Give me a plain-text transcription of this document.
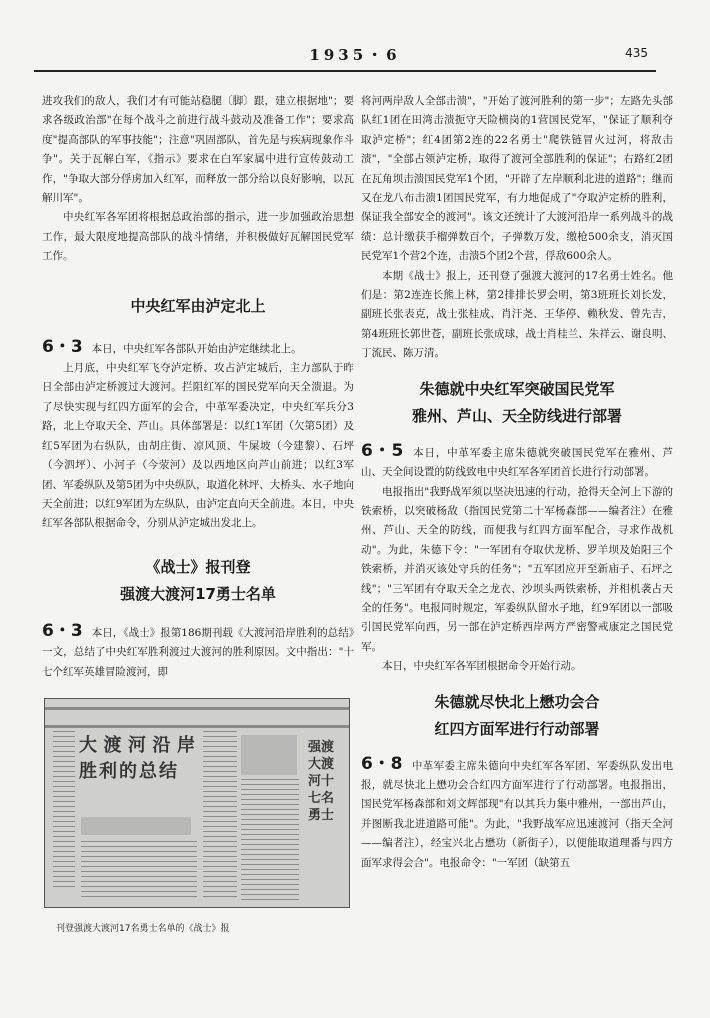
1935・6	435

进攻我们的敌人，我们才有可能站稳腿〔脚〕跟，建立根据地"；要求各级政治部"在每个战斗之前进行战斗鼓动及准备工作"；要求高度"提高部队的军事技能"；注意"巩固部队，首先是与疾病现象作斗争"。关于瓦解白军，《指示》要求在白军家属中进行宣传鼓动工作，"争取大部分俘虏加入红军，而释放一部分给以良好影响，以瓦解川军"。

中央红军各军团将根据总政治部的指示，进一步加强政治思想工作，最大限度地提高部队的战斗情绪，并积极做好瓦解国民党军工作。

中央红军由泸定北上

6・3 本日，中央红军各部队开始由泸定继续北上。

上月底，中央红军飞夺泸定桥、攻占泸定城后，主力部队于昨日全部由泸定桥渡过大渡河。拦阻红军的国民党军向天全溃退。为了尽快实现与红四方面军的会合，中革军委决定，中央红军兵分3路，北上夺取天全、芦山。具体部署是：以红1军团（欠第5团）及红5军团为右纵队，由胡庄街、凉风顶、牛屎坡（今建黎）、石坪（今泗坪）、小河子（今荥河）及以西地区向芦山前进；以红3军团、军委纵队及第5团为中央纵队，取道化林坪、大桥头、水子地向天全前进；以红9军团为左纵队，由泸定直向天全前进。本日，中央红军各部队根据命令，分别从泸定城出发北上。

《战士》报刊登
强渡大渡河17勇士名单

6・3 本日，《战士》报第186期刊载《大渡河沿岸胜利的总结》一文，总结了中央红军胜利渡过大渡河的胜利原因。文中指出："十七个红军英雄冒险渡河，即

大渡河沿岸胜利的总结
强渡大渡河十七名勇士
刊登强渡大渡河17名勇士名单的《战士》报

将河两岸敌人全部击溃"，"开始了渡河胜利的第一步"；左路先头部队红1团在田湾击溃扼守天险横岗的1营国民党军，"保证了顺利夺取泸定桥"；红4团第2连的22名勇士"爬铁链冒火过河，将敌击溃"，"全部占领泸定桥，取得了渡河全部胜利的保证"；右路红2团在瓦角坝击溃国民党军1个团，"开辟了左岸顺利北进的道路"；继而又在龙八布击溃1团国民党军，有力地促成了"夺取泸定桥的胜利，保证我全部安全的渡河"。该文还统计了大渡河沿岸一系列战斗的战绩：总计缴获手榴弹数百个，子弹数万发，缴枪500余支，消灭国民党军1个营2个连，击溃5个团2个营，俘敌600余人。

本期《战士》报上，还刊登了强渡大渡河的17名勇士姓名。他们是：第2连连长熊上林，第2排排长罗会明，第3班班长刘长发，副班长张表克，战士张桂成、肖汗尧、王华停、赖秋发、曾先吉，第4班班长郭世苍，副班长张成球，战士肖桂兰、朱祥云、谢良明、丁流民、陈万清。

朱德就中央红军突破国民党军
雅州、芦山、天全防线进行部署

6・5 本日，中革军委主席朱德就突破国民党军在雅州、芦山、天全间设置的防线致电中央红军各军团首长进行行动部署。

电报指出"我野战军须以坚决迅速的行动，抢得天全河上下游的铁索桥，以突破杨敌（指国民党第二十军杨森部——编者注）在雅州、芦山、天全的防线，而便我与红四方面军配合，寻求作战机动"。为此，朱德下令："一军团有夺取伏龙桥、罗羊坝及始阳三个铁索桥，并消灭该处守兵的任务"；"五军团应开至新庙子、石坪之线"；"三军团有夺取天全之龙衣、沙坝头两铁索桥，并相机袭占天全的任务"。电报同时规定，军委纵队留水子地，红9军团以一部吸引国民党军向西，另一部在泸定桥西岸两方严密警戒康定之国民党军。

本日，中央红军各军团根据命令开始行动。

朱德就尽快北上懋功会合
红四方面军进行行动部署

6・8 中革军委主席朱德向中央红军各军团、军委纵队发出电报，就尽快北上懋功会合红四方面军进行了行动部署。电报指出，国民党军杨森部和刘文辉部现"有以其兵力集中雅州，一部出芦山，并图断我北进道路可能"。为此，"我野战军应迅速渡河（指天全河——编者注），经宝兴北占懋功（新街子），以便能取道理番与四方面军求得会合"。电报命令："一军团（缺第五
